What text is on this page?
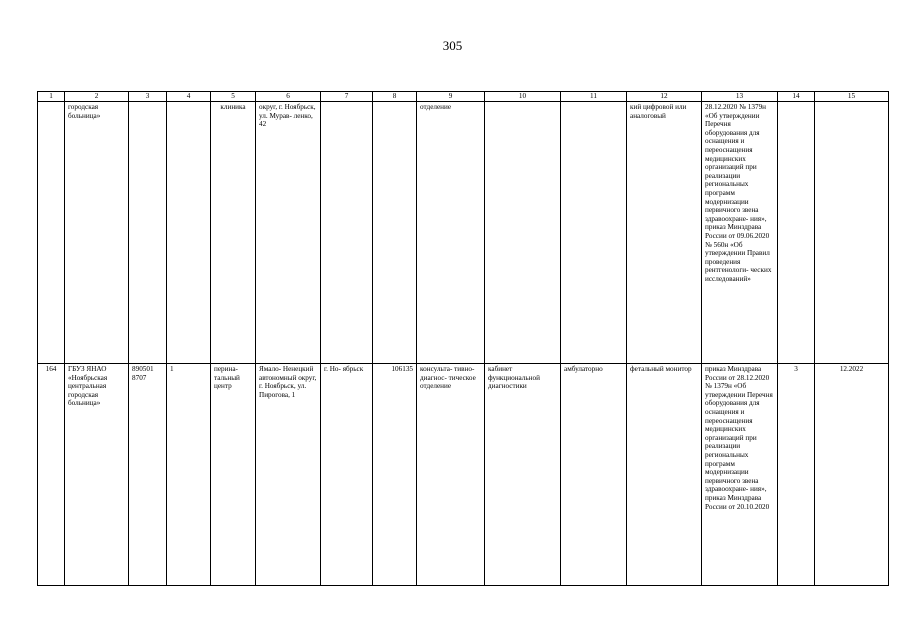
305
1	2	3	4	5	6	7	8	9	10	11	12	13	14	15
	городская больница»			клиника	округ, г. Ноябрьск, ул. Мурав- ленко, 42			отделение			кий цифровой или аналоговый	28.12.2020 № 1379н «Об утверждении Перечня оборудования для оснащения и переоснащения медицинских организаций при реализации региональных программ модернизации первичного звена здравоохране- ния», приказ Минздрава России от 09.06.2020 № 560н «Об утверждении Правил проведения рентгенологи- ческих исследований»		
164	ГБУЗ ЯНАО «Ноябрьская центральная городская больница»	890501 8707	1	перина- тальный центр	Ямало- Ненецкий автономный округ, г. Ноябрьск, ул. Пирогова, 1	г. Но- ябрьск	106135	консульта- тивно-диагнос- тическое отделение	кабинет функциональной диагностики	амбулаторно	фетальный монитор	приказ Минздрава России от 28.12.2020 № 1379н «Об утверждении Перечня оборудования для оснащения и переоснащения медицинских организаций при реализации региональных программ модернизации первичного звена здравоохране- ния», приказ Минздрава России от 20.10.2020	3	12.2022
